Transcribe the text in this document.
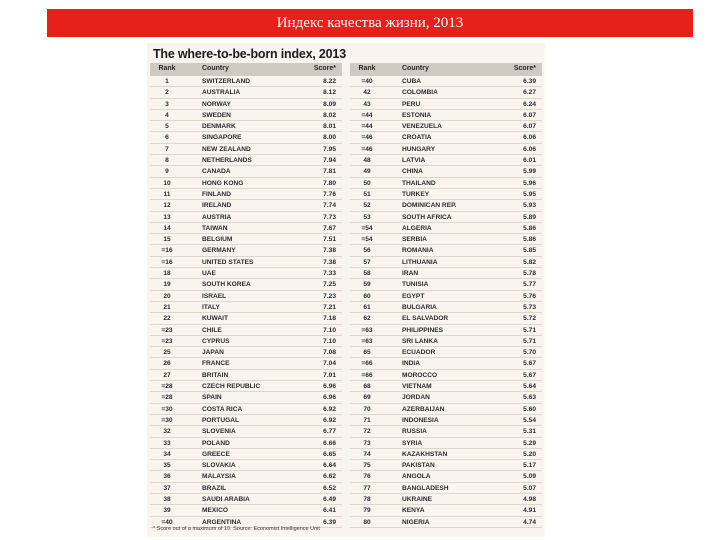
Индекс качества жизни, 2013
The where-to-be-born index, 2013
Rank	Country	Score*
1	SWITZERLAND	8.22
2	AUSTRALIA	8.12
3	NORWAY	8.09
4	SWEDEN	8.02
5	DENMARK	8.01
6	SINGAPORE	8.00
7	NEW ZEALAND	7.95
8	NETHERLANDS	7.94
9	CANADA	7.81
10	HONG KONG	7.80
11	FINLAND	7.76
12	IRELAND	7.74
13	AUSTRIA	7.73
14	TAIWAN	7.67
15	BELGIUM	7.51
=16	GERMANY	7.38
=16	UNITED STATES	7.38
18	UAE	7.33
19	SOUTH KOREA	7.25
20	ISRAEL	7.23
21	ITALY	7.21
22	KUWAIT	7.18
=23	CHILE	7.10
=23	CYPRUS	7.10
25	JAPAN	7.08
26	FRANCE	7.04
27	BRITAIN	7.01
=28	CZECH REPUBLIC	6.96
=28	SPAIN	6.96
=30	COSTA RICA	6.92
=30	PORTUGAL	6.92
32	SLOVENIA	6.77
33	POLAND	6.66
34	GREECE	6.65
35	SLOVAKIA	6.64
36	MALAYSIA	6.62
37	BRAZIL	6.52
38	SAUDI ARABIA	6.49
39	MEXICO	6.41
=40	ARGENTINA	6.39
Rank	Country	Score*
=40	CUBA	6.39
42	COLOMBIA	6.27
43	PERU	6.24
=44	ESTONIA	6.07
=44	VENEZUELA	6.07
=46	CROATIA	6.06
=46	HUNGARY	6.06
48	LATVIA	6.01
49	CHINA	5.99
50	THAILAND	5.96
51	TURKEY	5.95
52	DOMINICAN REP.	5.93
53	SOUTH AFRICA	5.89
=54	ALGERIA	5.86
=54	SERBIA	5.86
56	ROMANIA	5.85
57	LITHUANIA	5.82
58	IRAN	5.78
59	TUNISIA	5.77
60	EGYPT	5.76
61	BULGARIA	5.73
62	EL SALVADOR	5.72
=63	PHILIPPINES	5.71
=63	SRI LANKA	5.71
65	ECUADOR	5.70
=66	INDIA	5.67
=66	MOROCCO	5.67
68	VIETNAM	5.64
69	JORDAN	5.63
70	AZERBAIJAN	5.60
71	INDONESIA	5.54
72	RUSSIA	5.31
73	SYRIA	5.29
74	KAZAKHSTAN	5.20
75	PAKISTAN	5.17
76	ANGOLA	5.09
77	BANGLADESH	5.07
78	UKRAINE	4.98
79	KENYA	4.91
80	NIGERIA	4.74
* Score out of a maximum of 10. Source: Economist Intelligence Unit
